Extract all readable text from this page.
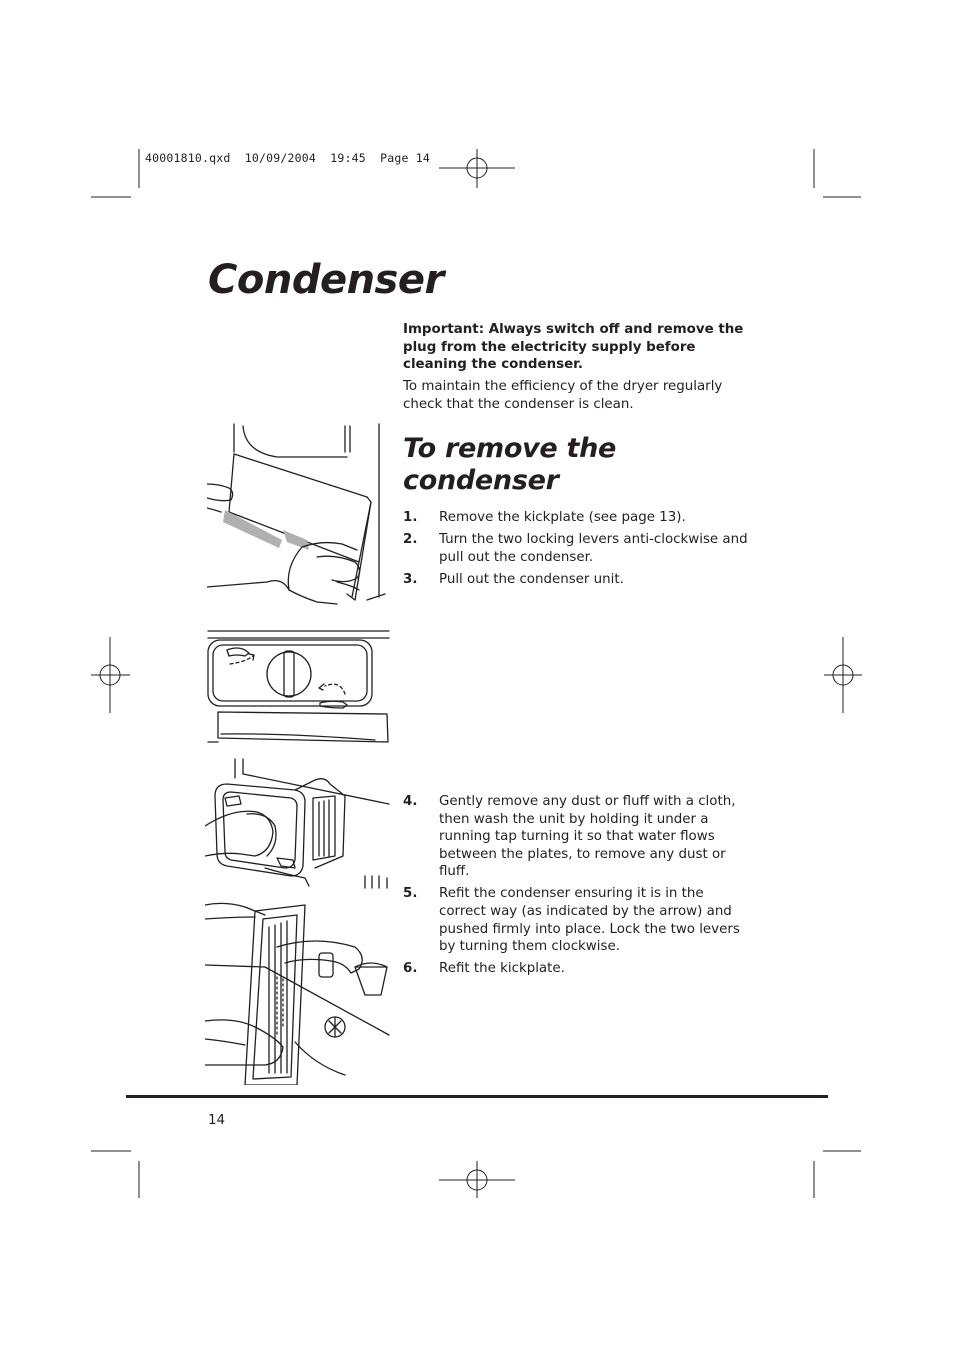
40001810.qxd  10/09/2004  19:45  Page 14
Condenser
Important: Always switch off and remove the plug from the electricity supply before cleaning the condenser.
To maintain the efficiency of the dryer regularly check that the condenser is clean.
To remove the condenser
1.	Remove the kickplate (see page 13).
2.	Turn the two locking levers anti-clockwise and pull out the condenser.
3.	Pull out the condenser unit.
4.	Gently remove any dust or fluff with a cloth, then wash the unit by holding it under a running tap turning it so that water flows between the plates, to remove any dust or fluff.
5.	Refit the condenser ensuring it is in the correct way (as indicated by the arrow) and pushed firmly into place. Lock the two levers by turning them clockwise.
6.	Refit the kickplate.
14
